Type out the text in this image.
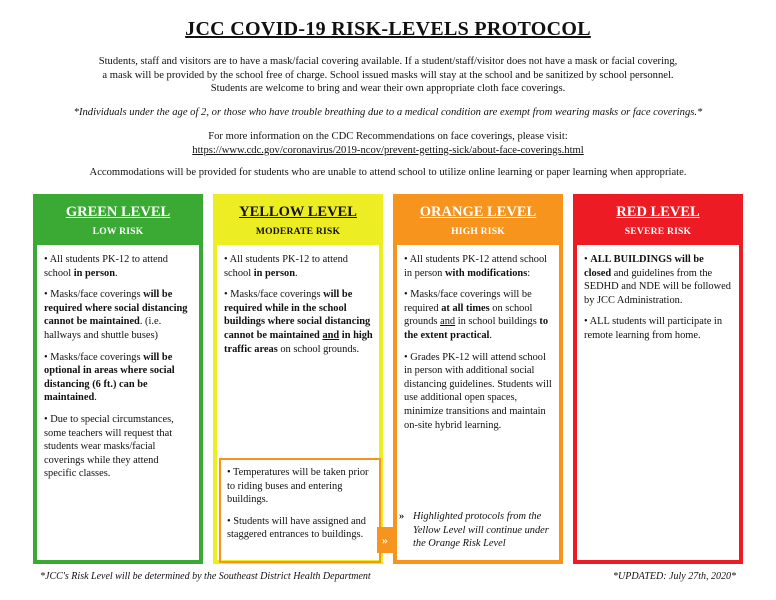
JCC COVID-19 RISK-LEVELS PROTOCOL
Students, staff and visitors are to have a mask/facial covering available. If a student/staff/visitor does not have a mask or facial covering,
a mask will be provided by the school free of charge. School issued masks will stay at the school and be sanitized by school personnel.
Students are welcome to bring and wear their own appropriate cloth face coverings.
*Individuals under the age of 2, or those who have trouble breathing due to a medical condition are exempt from wearing masks or face coverings.*
For more information on the CDC Recommendations on face coverings, please visit:
https://www.cdc.gov/coronavirus/2019-ncov/prevent-getting-sick/about-face-coverings.html
Accommodations will be provided for students who are unable to attend school to utilize online learning or paper learning when appropriate.
GREEN LEVEL
LOW RISK

• All students PK-12 to attend school in person.

• Masks/face coverings will be required where social distancing cannot be maintained. (i.e. hallways and shuttle buses)

• Masks/face coverings will be optional in areas where social distancing (6 ft.) can be maintained.

• Due to special circumstances, some teachers will request that students wear masks/facial coverings while they attend specific classes.

YELLOW LEVEL
MODERATE RISK

• All students PK-12 to attend school in person.

• Masks/face coverings will be required while in the school buildings where social distancing cannot be maintained and in high traffic areas on school grounds.

• Temperatures will be taken prior to riding buses and entering buildings.

• Students will have assigned and staggered entrances to buildings.	»
ORANGE LEVEL
HIGH RISK

• All students PK-12 attend school in person with modifications:

• Masks/face coverings will be required at all times on school grounds and in school buildings to the extent practical.

• Grades PK-12 will attend school in person with additional social distancing guidelines. Students will use additional open spaces, minimize transitions and maintain on-site hybrid learning.

» Highlighted protocols from the Yellow Level will continue under the Orange Risk Level
RED LEVEL
SEVERE RISK

• ALL BUILDINGS will be closed and guidelines from the SEDHD and NDE will be followed by JCC Administration.

• ALL students will participate in remote learning from home.

*JCC's Risk Level will be determined by the Southeast District Health Department	*UPDATED: July 27th, 2020*
